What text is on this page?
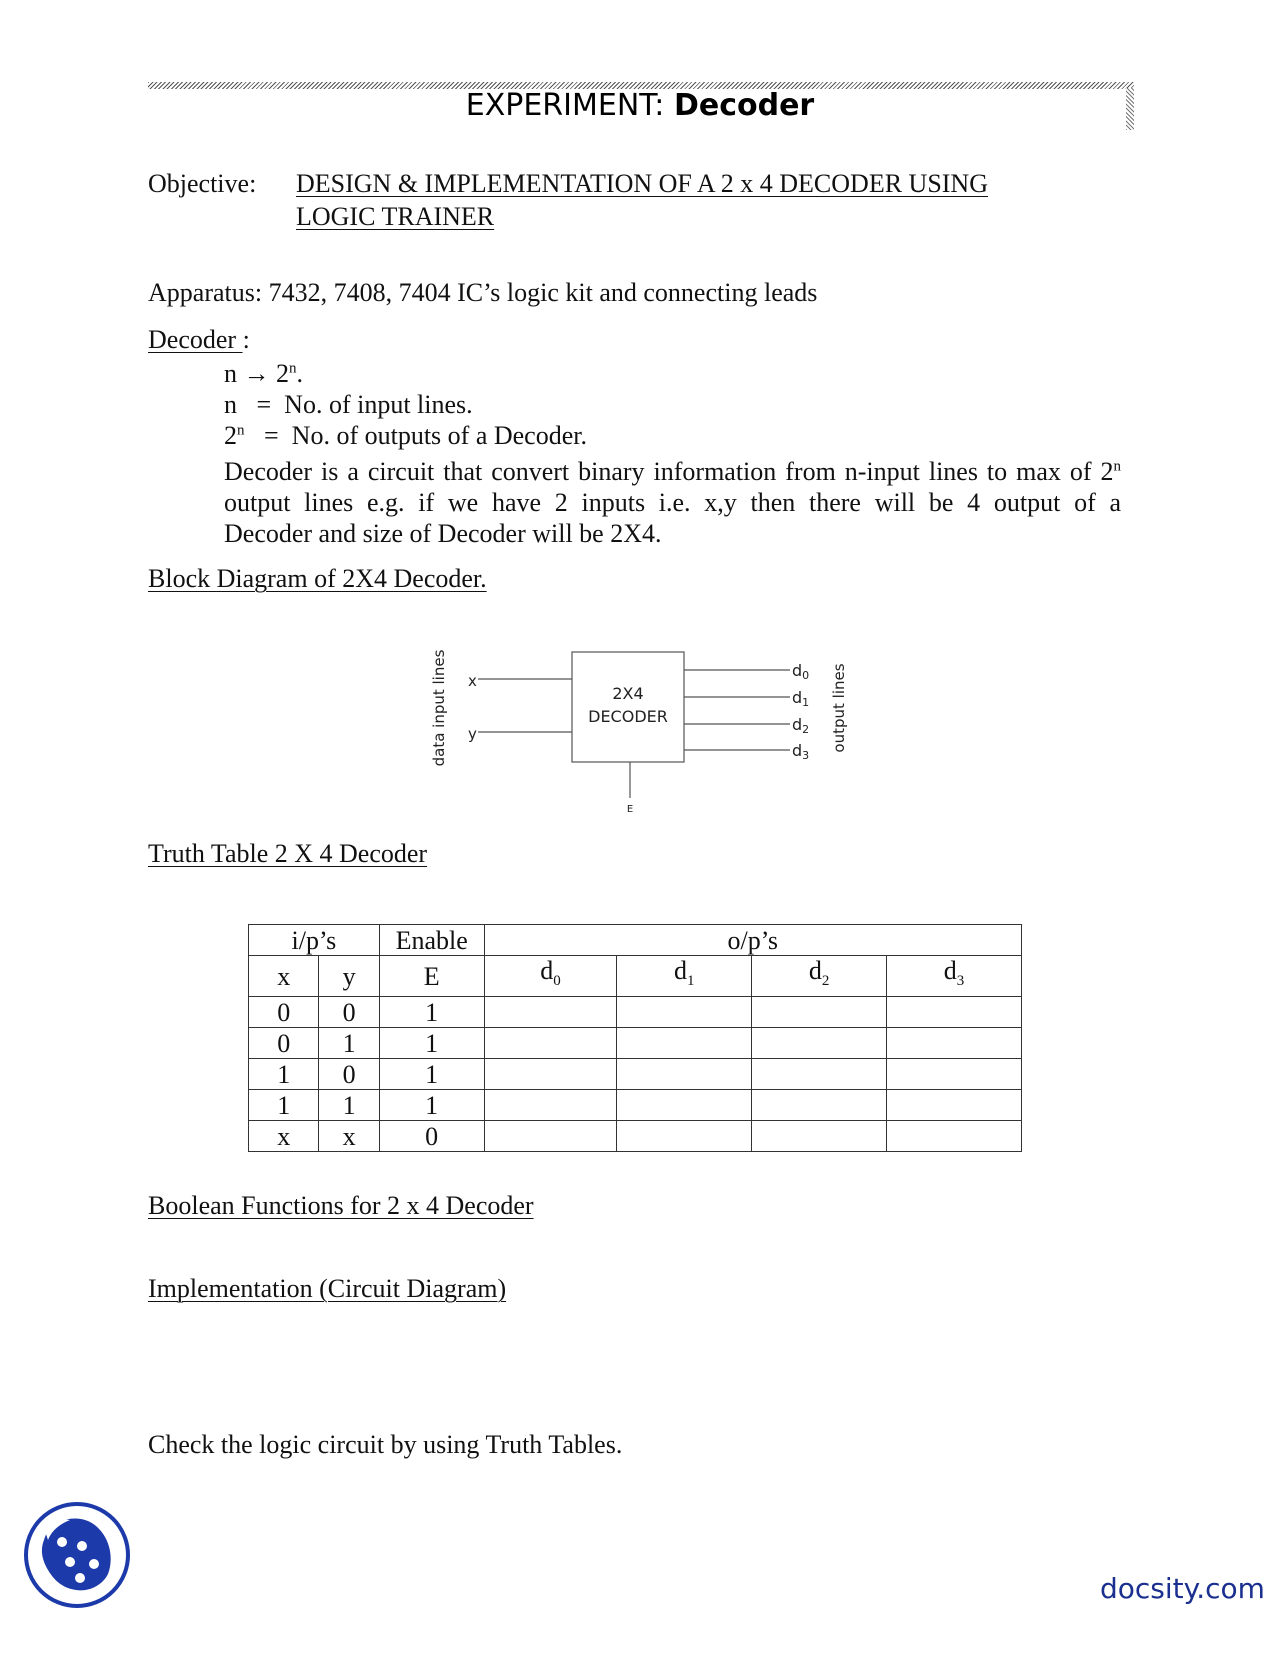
EXPERIMENT: Decoder
Objective: DESIGN & IMPLEMENTATION OF A 2 x 4 DECODER USING
LOGIC TRAINER
Apparatus: 7432, 7408, 7404 IC’s logic kit and connecting leads
Decoder :
$n \to 2^n$.
n   =  No. of input lines.
2$^n$   =  No. of outputs of a Decoder.
Decoder is a circuit that convert binary information from n-input lines to max of 2$^n$
output lines e.g. if we have 2 inputs i.e. x,y then there will be 4 output of a
Decoder and size of Decoder will be 2X4.
Block Diagram of 2X4 Decoder.
2X4
DECODER
x
y
data input lines	d0
d1
d2
d3
output lines
E
Truth Table 2 X 4 Decoder
i/p’s		Enable	o/p’s			
x	y	E	$d_0$	$d_1$	$d_2$	$d_3$
0	0	1				
0	1	1				
1	0	1				
1	1	1				
x	x	0				
Boolean Functions for 2 x 4 Decoder
Implementation (Circuit Diagram)
Check the logic circuit by using Truth Tables.
docsity.com
